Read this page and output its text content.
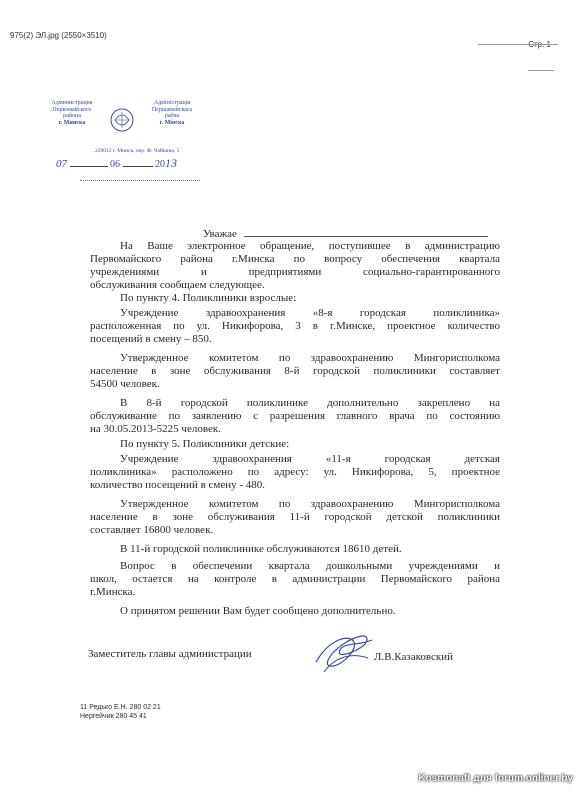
975(2) ЭЛ.jpg (2550×3510)
Стр. 1
Администрация
Первомайского
района
г. Минска
Адміністрація
Першамайскага
раёна
г. Мінска
220012 г. Минск, пер. Ф. Чайкина, 5
07	06	2013
Уважае
На Ваше электронное обращение, поступившее в администрацию
Первомайского района г.Минска по вопросу обеспечения квартала
учреждениями и предприятиями социально-гарантированного
обслуживания сообщаем следующее.
По пункту 4. Поликлиники взрослые:
Учреждение здравоохранения «8-я городская поликлиника»
расположенная по ул. Никифорова, 3 в г.Минске, проектное количество
посещений в смену – 850.
Утвержденное комитетом по здравоохранению Мингорисполкома
население в зоне обслуживания 8-й городской поликлиники составляет
54500 человек.
В 8-й городской поликлинике дополнительно закреплено на
обслуживание по заявлению с разрешения главного врача по состоянию
на 30.05.2013-5225 человек.
По пункту 5. Поликлиники детские:
Учреждение здравоохранения «11-я городская детская
поликлиника» расположено по адресу: ул. Никифорова, 5, проектное
количество посещений в смену - 480.
Утвержденное комитетом по здравоохранению Мингорисполкома
население в зоне обслуживания 11-й городской детской поликлиники
составляет 16800 человек.
В 11-й городской поликлинике обслуживаются 18610 детей.
Вопрос в обеспечении квартала дошкольными учреждениями и
школ, остается на контроле в администрации Первомайского района
г.Минска.
О принятом решении Вам будет сообщено дополнительно.
Заместитель главы администрации	Л.В.Казаковский
11 Редько Е.Н. 280 02 21
Нергейчик 280 45 41
Kosmonaft для forum.onliner.by
